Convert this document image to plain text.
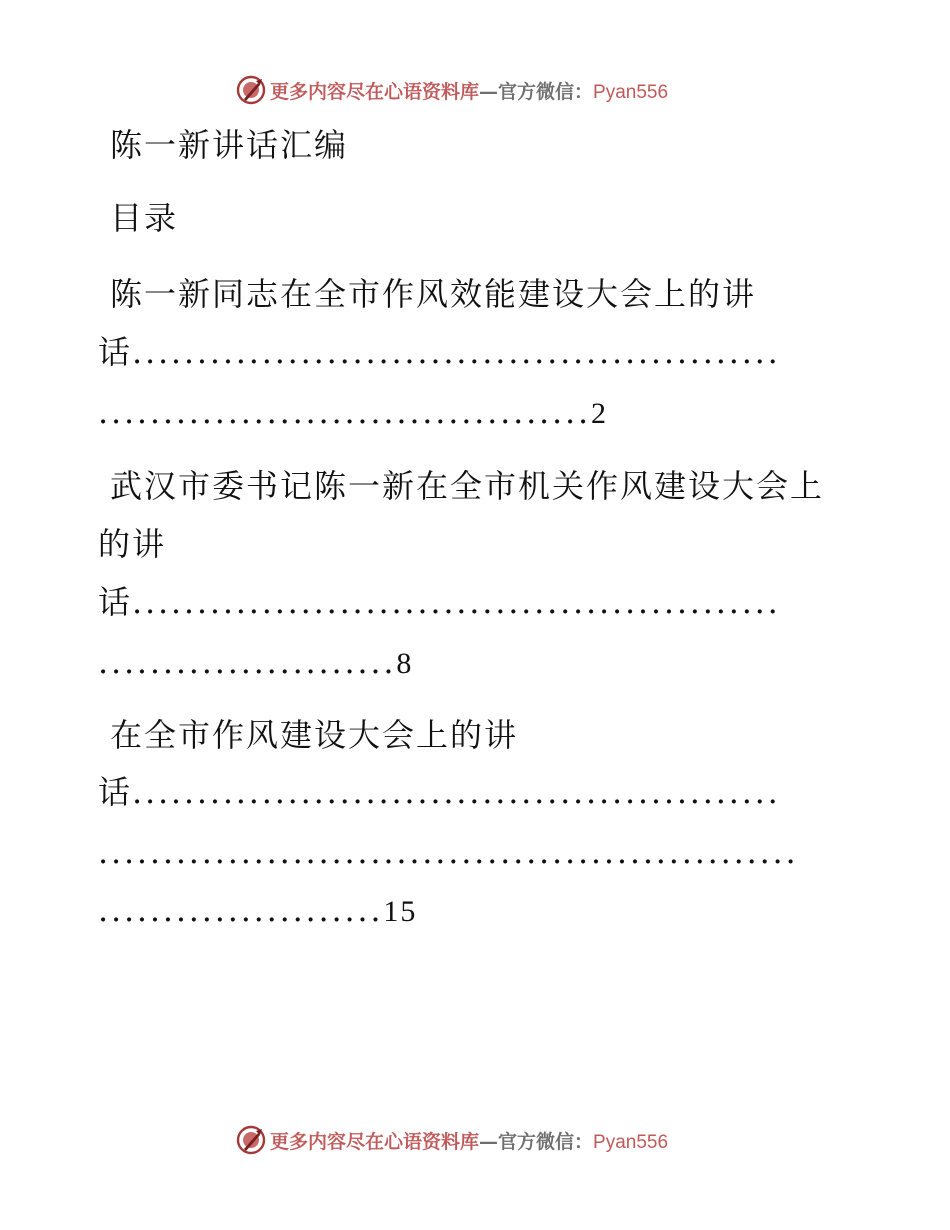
更多内容尽在心语资料库—官方微信：Pyan556
陈一新讲话汇编
目录
陈一新同志在全市作风效能建设大会上的讲
话..................................................
......................................2
武汉市委书记陈一新在全市机关作风建设大会上
的讲
话..................................................
.......................8
在全市作风建设大会上的讲
话..................................................
......................................................
......................15
更多内容尽在心语资料库—官方微信：Pyan556
